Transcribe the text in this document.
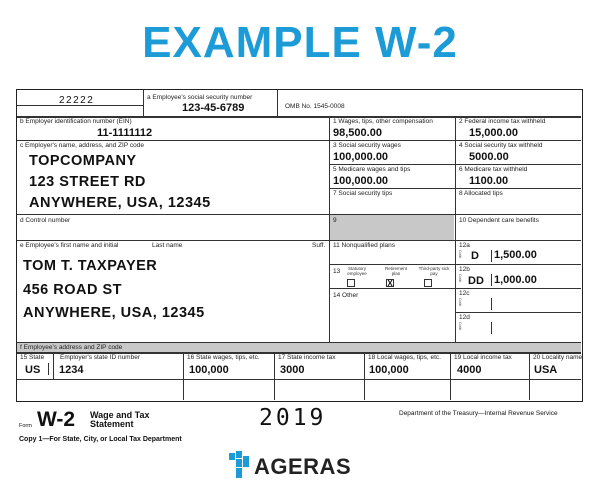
EXAMPLE W-2
22222	a Employee's social security number
123-45-6789	OMB No. 1545-0008
b Employer identification number (EIN)
11-1111112
c Employer's name, address, and ZIP code
TOPCOMPANY
123 STREET RD
ANYWHERE, USA, 12345
d Control number
e Employee's first name and initial	Last name	Suff.
TOM T. TAXPAYER
456 ROAD ST
ANYWHERE, USA, 12345
f Employee's address and ZIP code
1 Wages, tips, other compensation
98,500.00
2 Federal income tax withheld
15,000.00
3 Social security wages
100,000.00
4 Social security tax withheld
5000.00
5 Medicare wages and tips
100,000.00
6 Medicare tax withheld
1100.00
7 Social security tips	8 Allocated tips
9	10 Dependent care benefits
11 Nonqualified plans	12a
Code D 1,500.00
12b
Code DD 1,000.00
12c
Code
12d
Code
13	Statutory employee
Retirement plan
Third-party sick pay
X
14 Other
15 State Employer's state ID number
US 1234
16 State wages, tips, etc.
100,000
17 State income tax
3000
18 Local wages, tips, etc.
100,000
19 Local income tax
4000
20 Locality name
USA
Form W-2 Wage and Tax
Statement	2019	Department of the Treasury—Internal Revenue Service
Copy 1—For State, City, or Local Tax Department
AGERAS
